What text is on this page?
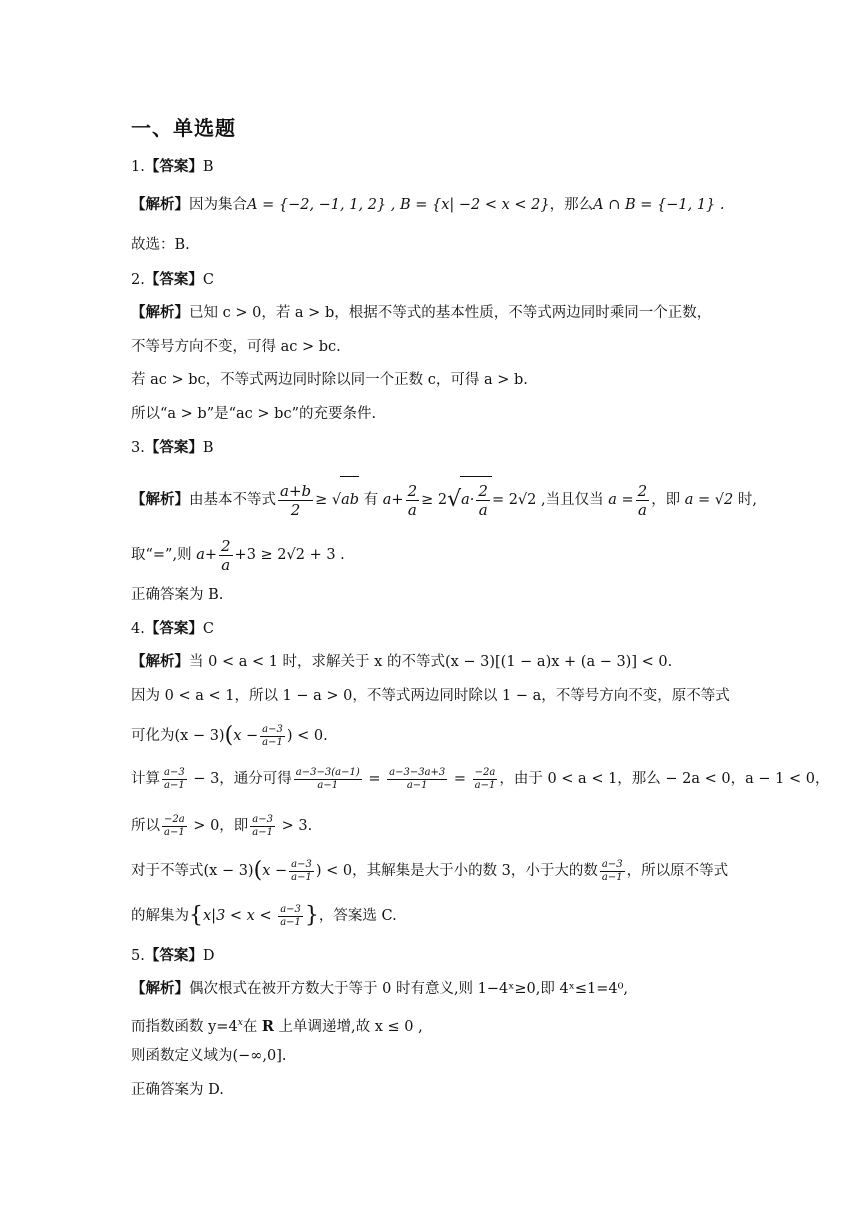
一、单选题
1.【答案】B
【解析】因为集合A = {−2, −1, 1, 2} , B = {x| −2 < x < 2}，那么A ∩ B = {−1, 1} .
故选：B.
2.【答案】C
【解析】已知 c > 0，若 a > b，根据不等式的基本性质，不等式两边同时乘同一个正数，
不等号方向不变，可得 ac > bc.
若 ac > bc，不等式两边同时除以同一个正数 c，可得 a > b.
所以“a > b”是“ac > bc”的充要条件.
3.【答案】B
【解析】由基本不等式 $\frac{a+b}{2} \ge √ab$ 有 $a+ \frac{2}{a} \ge 2√a\cdot \frac{2}{a} = 2√2$ ,当且仅当 $a = \frac{2}{a}$ ，即 a = √2 时,
取“=”,则 $a+ \frac{2}{a} +3 \ge 2√2 + 3$ .
正确答案为 B.
4.【答案】C
【解析】当 0 < a < 1 时，求解关于 x 的不等式(x − 3)[(1 − a)x + (a − 3)] < 0.
因为 0 < a < 1，所以 1 − a > 0，不等式两边同时除以 1 − a，不等号方向不变，原不等式
可化为$(x - 3)(x - \frac{a-3}{a-1}$ ) < 0.
计算 $\frac{a-3}{a-1} - 3$，通分可得 $\frac{a-3-3(a-1)}{a-1} = \frac{a-3-3a+3}{a-1} = \frac{-2a}{a-1}$ ，由于 0 < a < 1，那么 − 2a < 0，a − 1 < 0，
所以 $\frac{-2a}{a-1} > 0$，即 $\frac{a-3}{a-1} > 3$.
对于不等式$(x - 3)(x - \frac{a-3}{a-1}$ ) < 0，其解集是大于小的数 3，小于大的数 $\frac{a-3}{a-1}$ ，所以原不等式
的解集为{$x|3 < x < \frac{a-3}{a-1}$ }，答案选 C.
5.【答案】D
【解析】偶次根式在被开方数大于等于 0 时有意义,则 1−4ˣ≥0,即 4ˣ≤1=4⁰,
而指数函数 $y=4^x$在 R 上单调递增,故 x ≤ 0 ,
则函数定义域为(−∞,0].
正确答案为 D.
